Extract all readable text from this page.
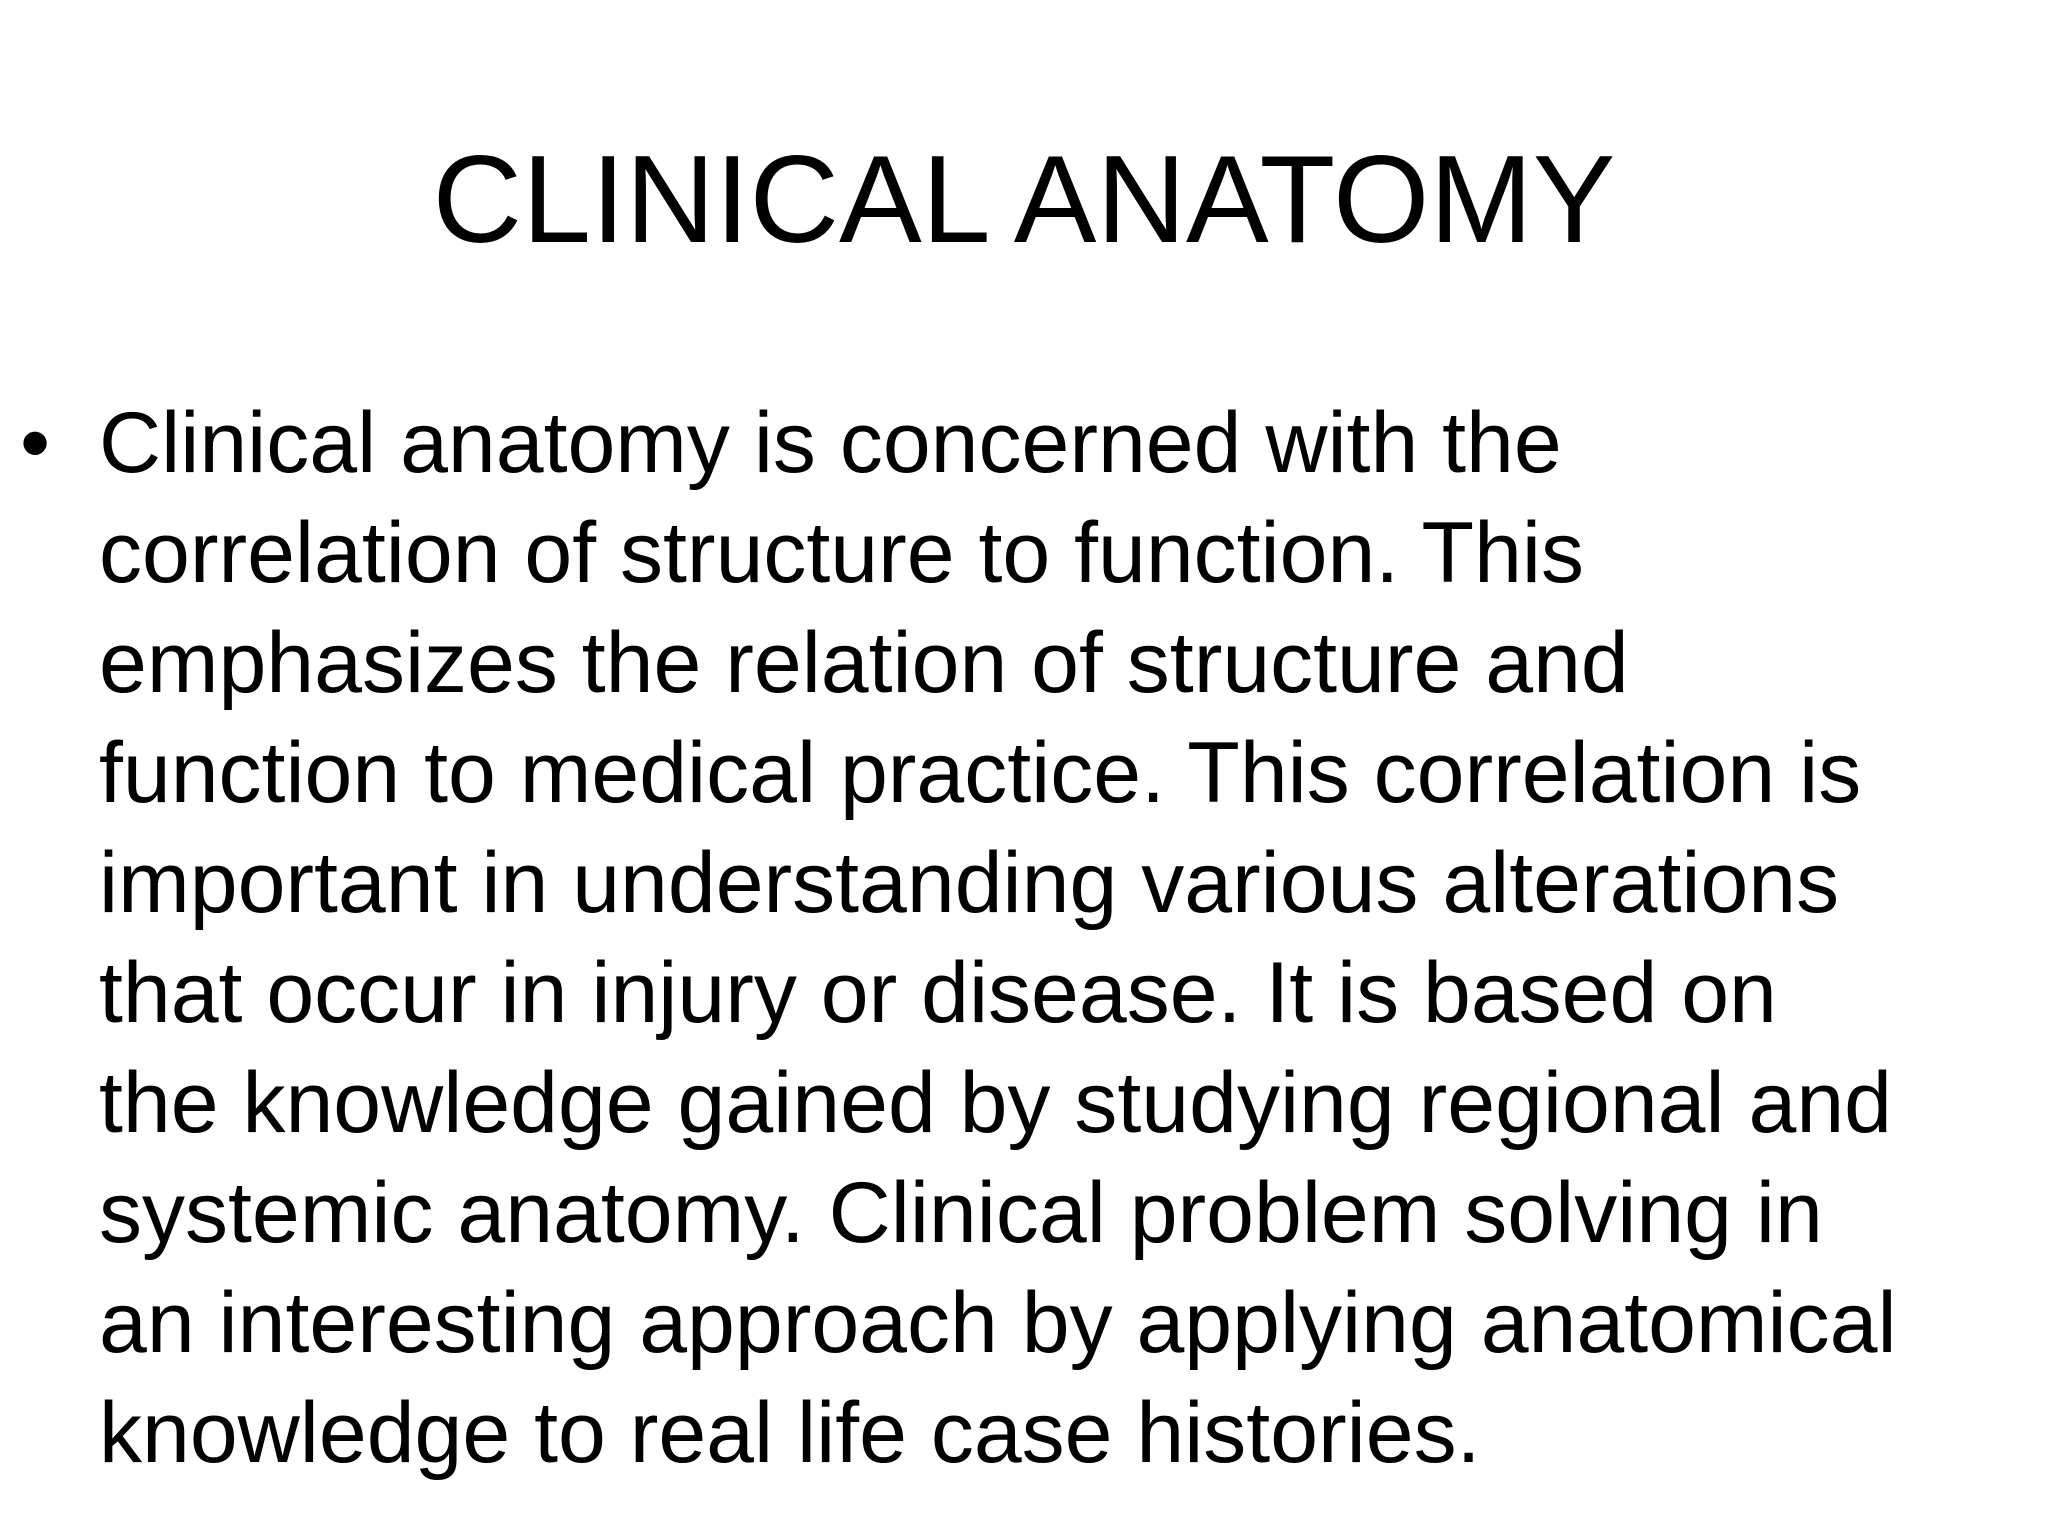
CLINICAL ANATOMY
• Clinical anatomy is concerned with the
correlation of structure to function. This
emphasizes the relation of structure and
function to medical practice. This correlation is
important in understanding various alterations
that occur in injury or disease. It is based on
the knowledge gained by studying regional and
systemic anatomy. Clinical problem solving in
an interesting approach by applying anatomical
knowledge to real life case histories.
